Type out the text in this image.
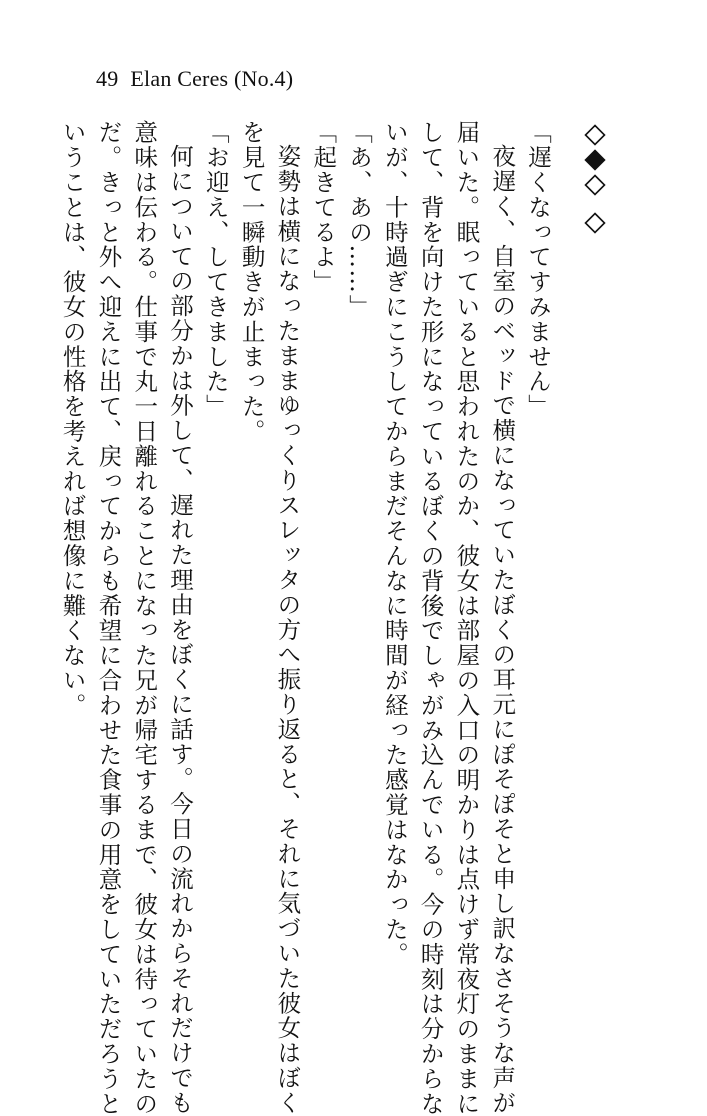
49 Elan Ceres (No.4)
「遅くなってすみません」
夜遅く、自室のベッドで横になっていたぼくの耳元にぽそぽそと申し訳なさそうな声が
届いた。眠っていると思われたのか、彼女は部屋の入口の明かりは点けず常夜灯のままに
して、背を向けた形になっているぼくの背後でしゃがみ込んでいる。今の時刻は分からな
いが、十時過ぎにこうしてからまだそんなに時間が経った感覚はなかった。
「あ、あの……」
「起きてるよ」
姿勢は横になったままゆっくりスレッタの方へ振り返ると、それに気づいた彼女はぼく
を見て一瞬動きが止まった。
「お迎え、してきました」
何についての部分かは外して、遅れた理由をぼくに話す。今日の流れからそれだけでも
意味は伝わる。仕事で丸一日離れることになった兄が帰宅するまで、彼女は待っていたの
だ。きっと外へ迎えに出て、戻ってからも希望に合わせた食事の用意をしていただろうと
いうことは、彼女の性格を考えれば想像に難くない。
